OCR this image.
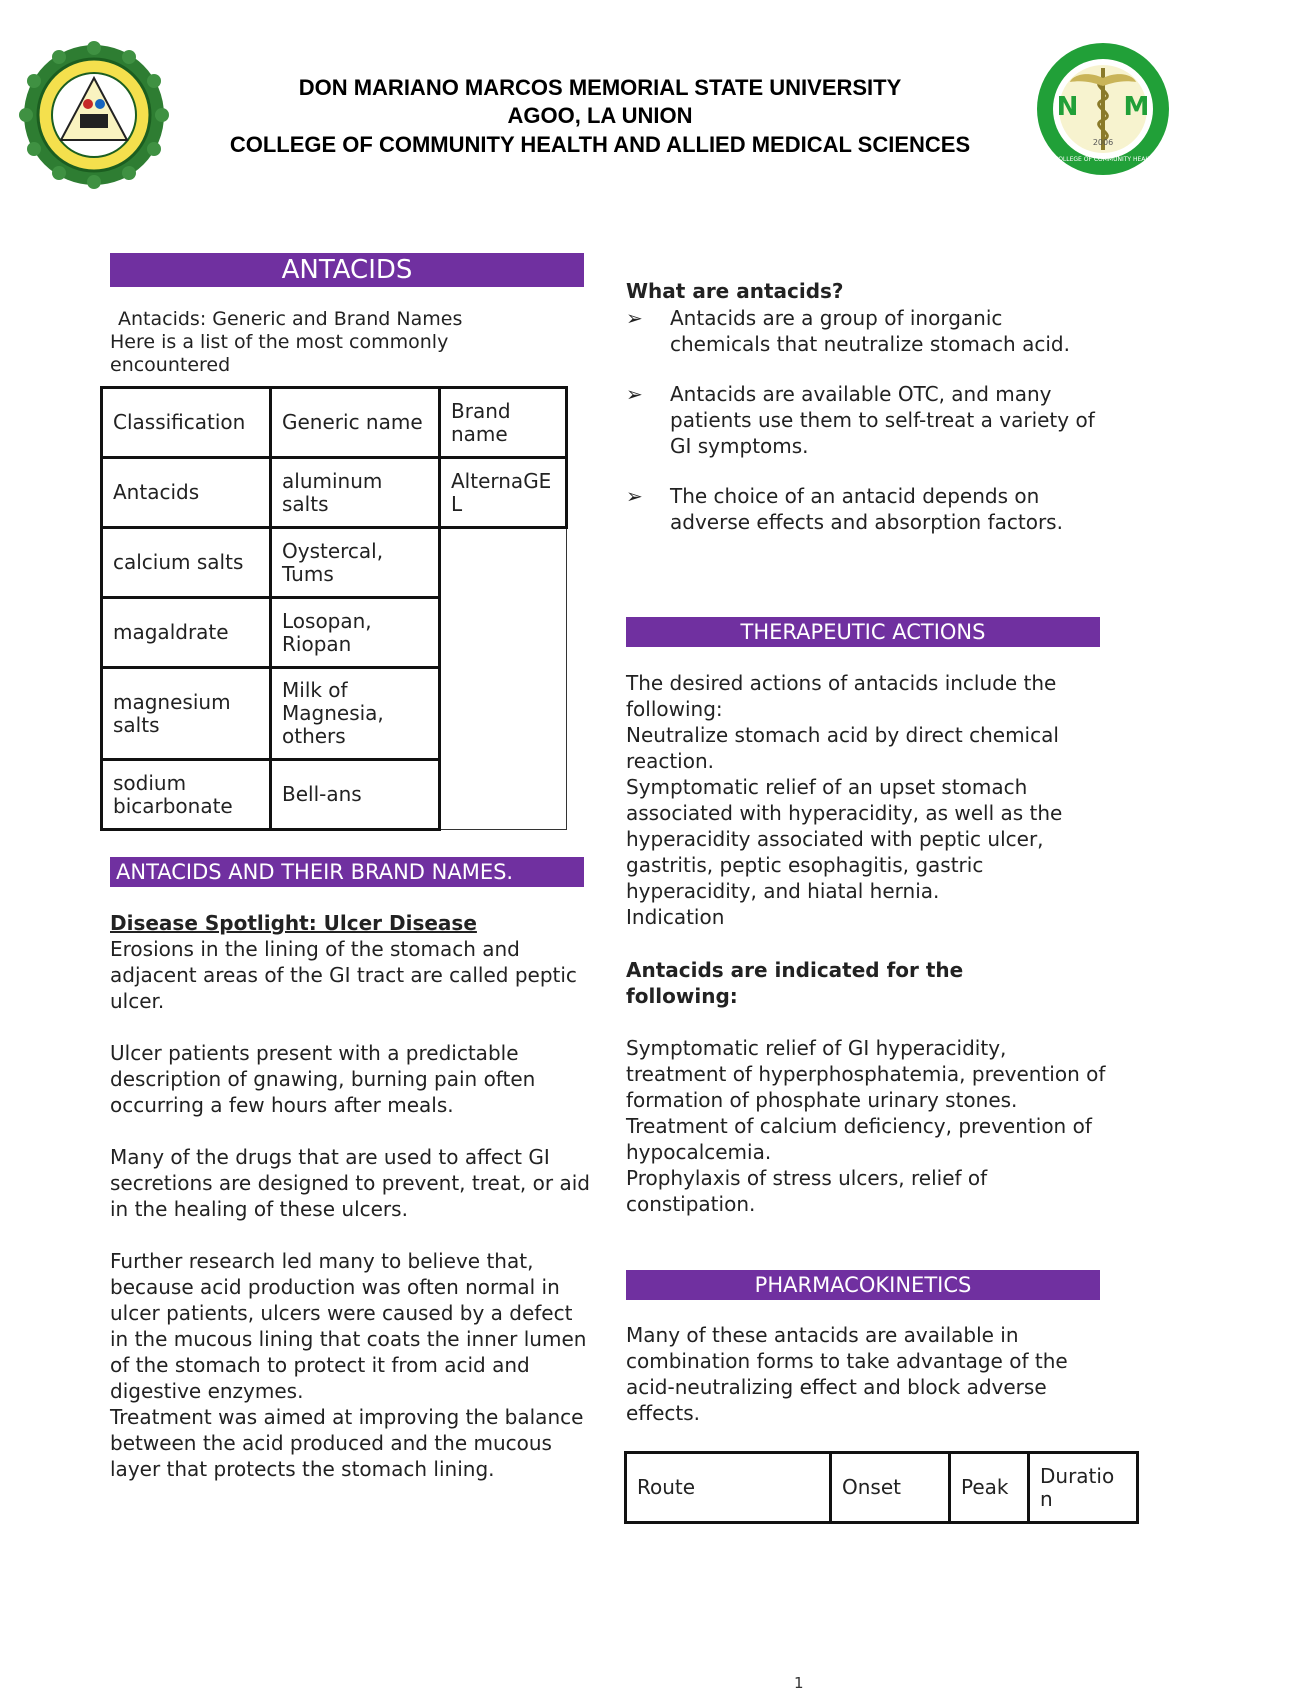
N M
2006
COLLEGE OF COMMUNITY HEALTH AND ALLIED MEDICAL SCIENCES • DMMMSU-SLUC
DON MARIANO MARCOS MEMORIAL STATE UNIVERSITY
AGOO, LA UNION
COLLEGE OF COMMUNITY HEALTH AND ALLIED MEDICAL SCIENCES
ANTACIDS

Antacids: Generic and Brand Names

Here is a list of the most commonly

encountered

Classification	Generic name	Brand name
Antacids	aluminum salts	AlternaGEL
calcium salts	Oystercal, Tums	
magaldrate	Losopan, Riopan	
magnesium salts	Milk of Magnesia, others	
sodium bicarbonate	Bell-ans	
ANTACIDS AND THEIR BRAND NAMES.

Disease Spotlight: Ulcer Disease

Erosions in the lining of the stomach and adjacent areas of the GI tract are called peptic ulcer.

Ulcer patients present with a predictable description of gnawing, burning pain often occurring a few hours after meals.

Many of the drugs that are used to affect GI secretions are designed to prevent, treat, or aid in the healing of these ulcers.

Further research led many to believe that, because acid production was often normal in ulcer patients, ulcers were caused by a defect in the mucous lining that coats the inner lumen of the stomach to protect it from acid and digestive enzymes.

Treatment was aimed at improving the balance between the acid produced and the mucous layer that protects the stomach lining.

What are antacids?
➢ Antacids are a group of inorganic chemicals that neutralize stomach acid.
➢ Antacids are available OTC, and many patients use them to self-treat a variety of GI symptoms.
➢ The choice of an antacid depends on adverse effects and absorption factors.
THERAPEUTIC ACTIONS

The desired actions of antacids include the following:

Neutralize stomach acid by direct chemical reaction.

Symptomatic relief of an upset stomach associated with hyperacidity, as well as the hyperacidity associated with peptic ulcer, gastritis, peptic esophagitis, gastric hyperacidity, and hiatal hernia.

Indication

Antacids are indicated for the following:

Symptomatic relief of GI hyperacidity, treatment of hyperphosphatemia, prevention of formation of phosphate urinary stones.

Treatment of calcium deficiency, prevention of hypocalcemia.

Prophylaxis of stress ulcers, relief of constipation.

PHARMACOKINETICS
Many of these antacids are available in combination forms to take advantage of the acid-neutralizing effect and block adverse effects.
Route	Onset	Peak	Duration
1
